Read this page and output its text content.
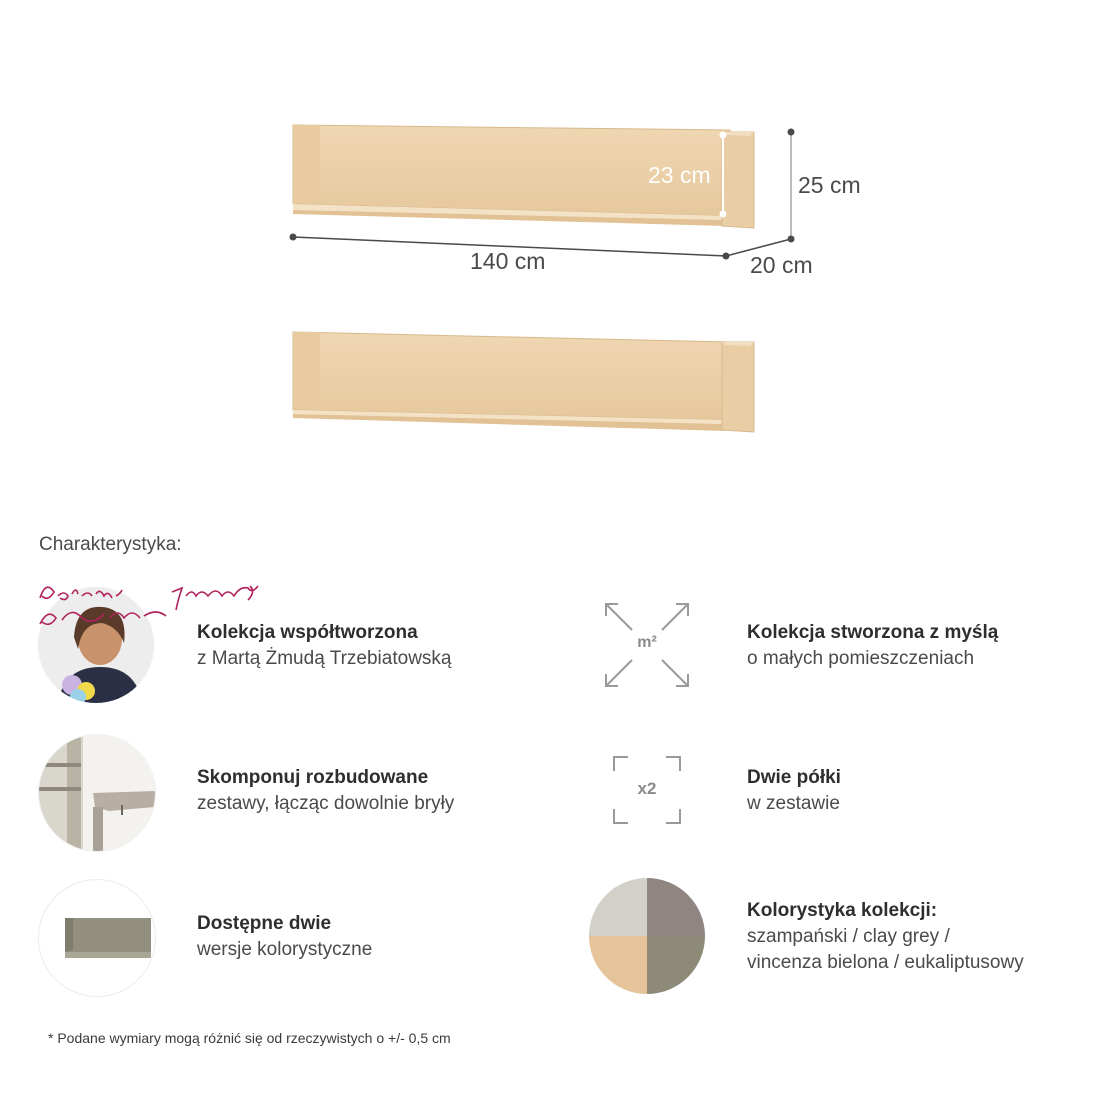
23 cm	25 cm
140 cm	20 cm
Charakterystyka:
Kolekcja współtworzona
z Martą Żmudą Trzebiatowską
m²	Kolekcja stworzona z myślą
o małych pomieszczeniach
Skomponuj rozbudowane
zestawy, łącząc dowolnie bryły
x2
Dwie półki
w zestawie
Dostępne dwie
wersje kolorystyczne
Kolorystyka kolekcji:
szampański / clay grey /
vincenza bielona / eukaliptusowy
* Podane wymiary mogą różnić się od rzeczywistych o +/- 0,5 cm
